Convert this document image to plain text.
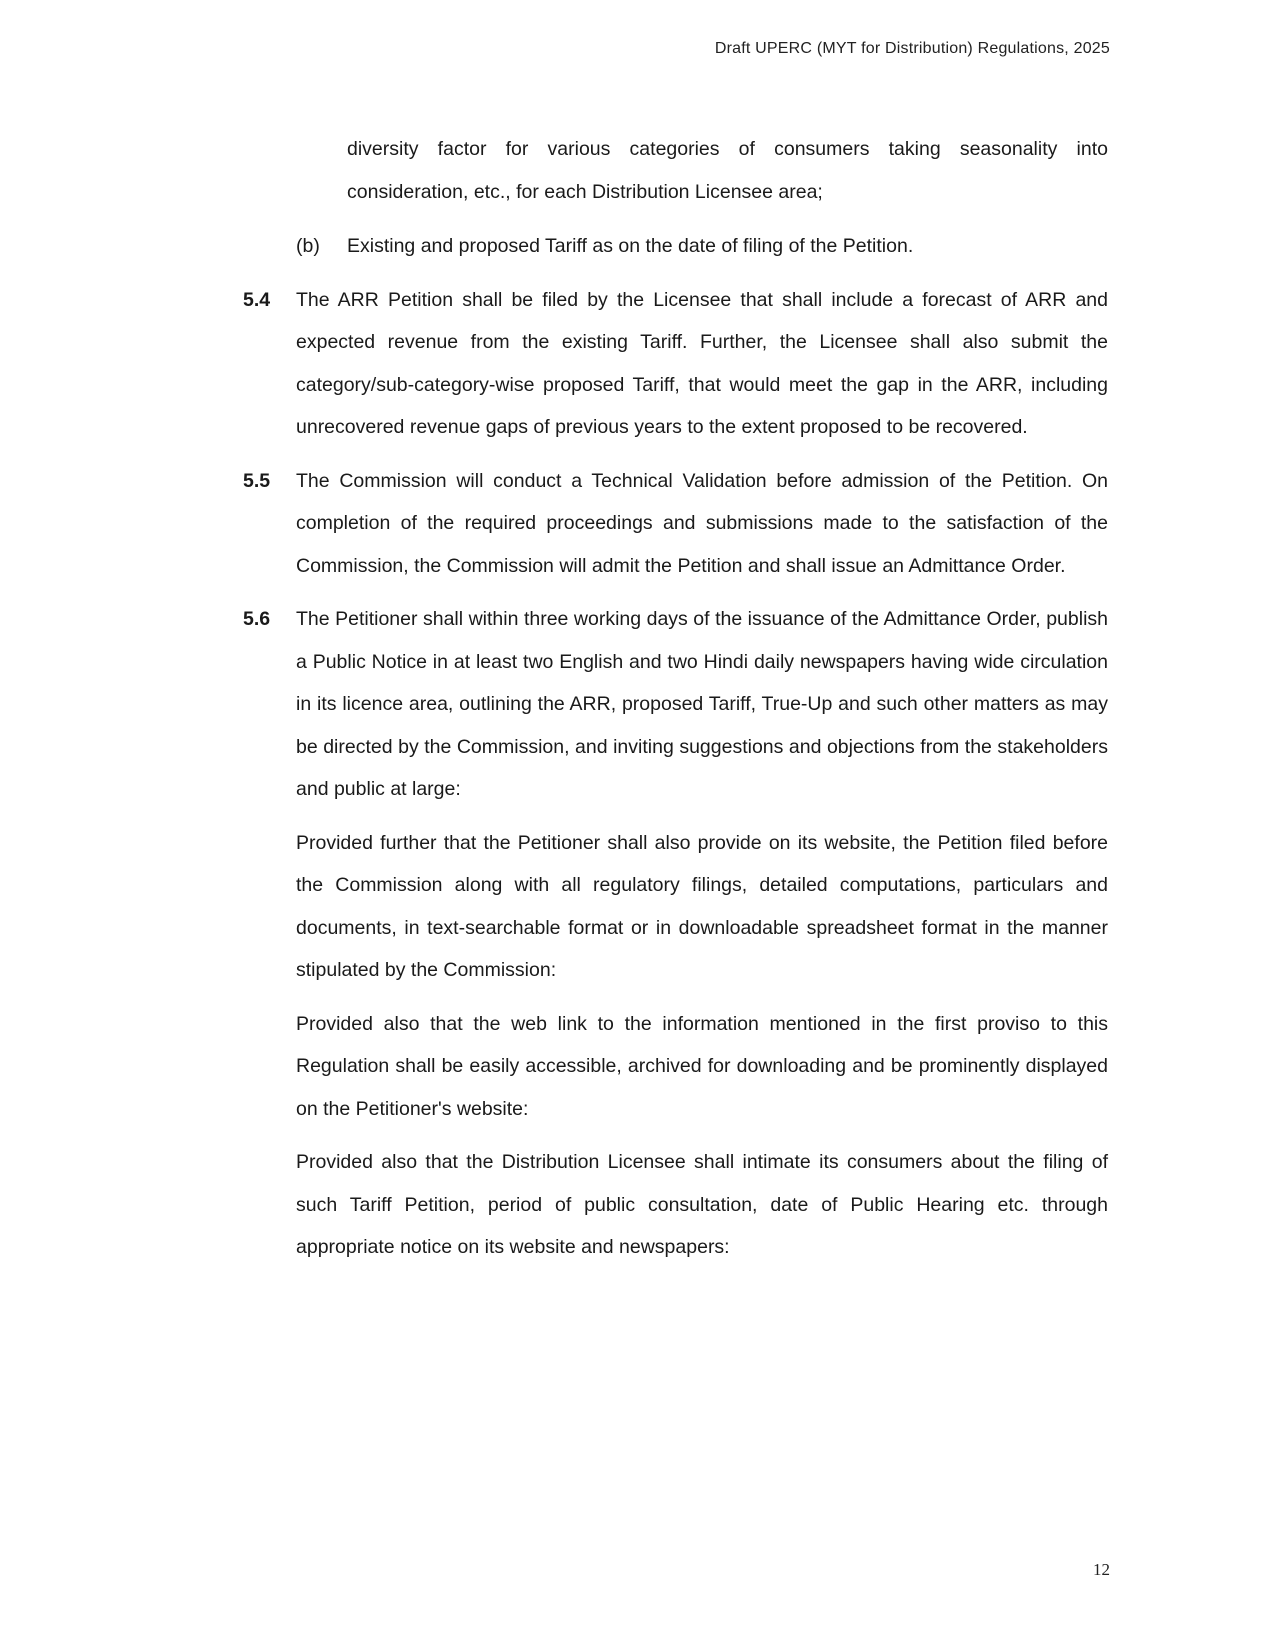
Draft UPERC (MYT for Distribution) Regulations, 2025
diversity factor for various categories of consumers taking seasonality into consideration, etc., for each Distribution Licensee area;
(b)	Existing and proposed Tariff as on the date of filing of the Petition.
5.4	The ARR Petition shall be filed by the Licensee that shall include a forecast of ARR and expected revenue from the existing Tariff. Further, the Licensee shall also submit the category/sub-category-wise proposed Tariff, that would meet the gap in the ARR, including unrecovered revenue gaps of previous years to the extent proposed to be recovered.
5.5	The Commission will conduct a Technical Validation before admission of the Petition. On completion of the required proceedings and submissions made to the satisfaction of the Commission, the Commission will admit the Petition and shall issue an Admittance Order.
5.6	The Petitioner shall within three working days of the issuance of the Admittance Order, publish a Public Notice in at least two English and two Hindi daily newspapers having wide circulation in its licence area, outlining the ARR, proposed Tariff, True-Up and such other matters as may be directed by the Commission, and inviting suggestions and objections from the stakeholders and public at large:
Provided further that the Petitioner shall also provide on its website, the Petition filed before the Commission along with all regulatory filings, detailed computations, particulars and documents, in text-searchable format or in downloadable spreadsheet format in the manner stipulated by the Commission:
Provided also that the web link to the information mentioned in the first proviso to this Regulation shall be easily accessible, archived for downloading and be prominently displayed on the Petitioner's website:
Provided also that the Distribution Licensee shall intimate its consumers about the filing of such Tariff Petition, period of public consultation, date of Public Hearing etc. through appropriate notice on its website and newspapers:
12
